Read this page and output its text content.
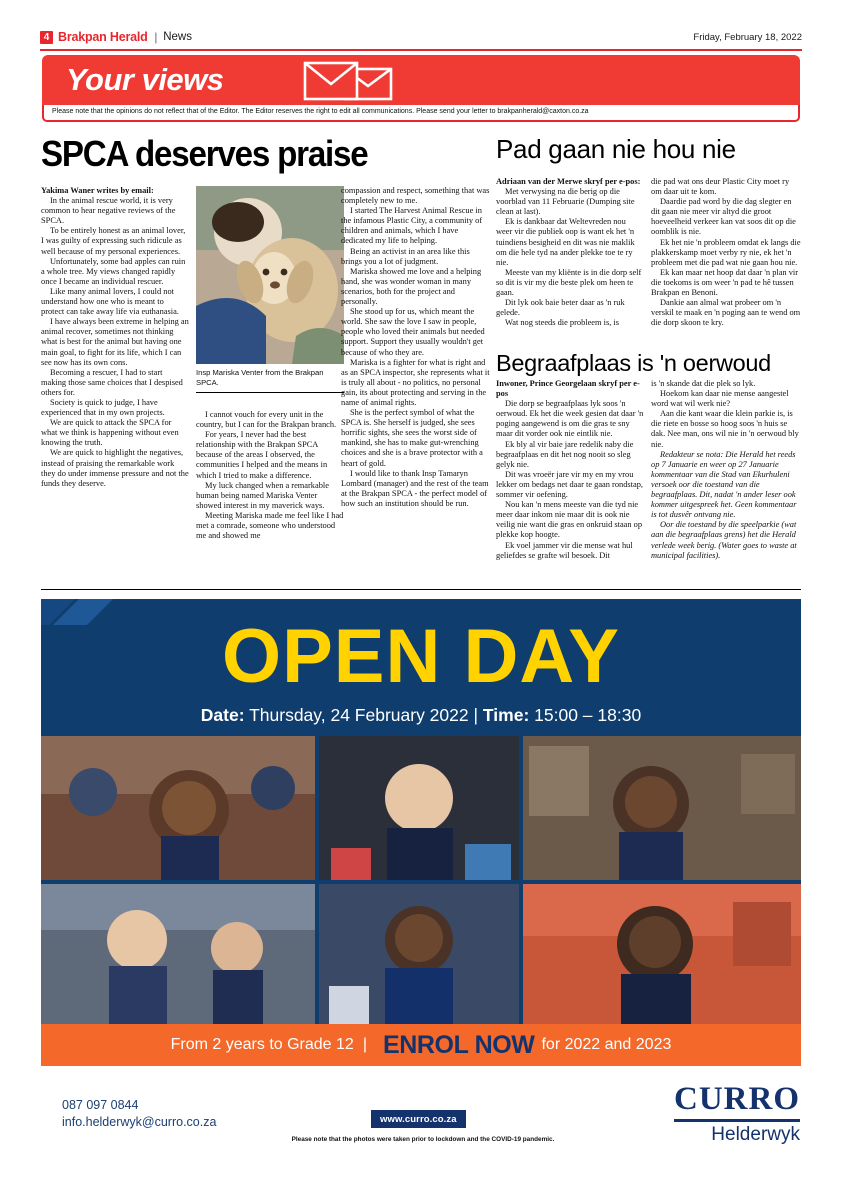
4 Brakpan Herald | News	Friday, February 18, 2022
Your views
Please note that the opinions do not reflect that of the Editor. The Editor reserves the right to edit all communications. Please send your letter to brakpanherald@caxton.co.za
SPCA deserves praise	Pad gaan nie hou nie
Begraafplaas is 'n oerwoud

Yakima Waner writes by email:

In the animal rescue world, it is very common to hear negative reviews of the SPCA.

To be entirely honest as an animal lover, I was guilty of expressing such ridicule as well because of my personal experiences.

Unfortunately, some bad apples can ruin a whole tree. My views changed rapidly once I became an individual rescuer.

Like many animal lovers, I could not understand how one who is meant to protect can take away life via euthanasia.

I have always been extreme in helping an animal recover, sometimes not thinking what is best for the animal but having one main goal, to fight for its life, which I can see now has its own cons.

Becoming a rescuer, I had to start making those same choices that I despised others for.

Society is quick to judge, I have experienced that in my own projects.

We are quick to attack the SPCA for what we think is happening without even knowing the truth.

We are quick to highlight the negatives, instead of praising the remarkable work they do under immense pressure and not the funds they deserve.

Insp Mariska Venter from the Brakpan SPCA.

I cannot vouch for every unit in the country, but I can for the Brakpan branch.

For years, I never had the best relationship with the Brakpan SPCA because of the areas I observed, the communities I helped and the means in which I tried to make a difference.

My luck changed when a remarkable human being named Mariska Venter showed interest in my maverick ways.

Meeting Mariska made me feel like I had met a comrade, someone who understood me and showed me

compassion and respect, something that was completely new to me.

I started The Harvest Animal Rescue in the infamous Plastic City, a community of children and animals, which I have dedicated my life to helping.

Being an activist in an area like this brings you a lot of judgment.

Mariska showed me love and a helping hand, she was wonder woman in many scenarios, both for the project and personally.

She stood up for us, which meant the world. She saw the love I saw in people, people who loved their animals but needed support. Support they usually wouldn't get because of who they are.

Mariska is a fighter for what is right and as an SPCA inspector, she represents what it is truly all about - no politics, no personal gain, its about protecting and serving in the name of animal rights.

She is the perfect symbol of what the SPCA is. She herself is judged, she sees horrific sights, she sees the worst side of mankind, she has to make gut-wrenching choices and she is a brave protector with a heart of gold.

I would like to thank Insp Tamaryn Lombard (manager) and the rest of the team at the Brakpan SPCA - the perfect model of how such an institution should be run.

Adriaan van der Merwe skryf per e-pos:

Met verwysing na die berig op die voorblad van 11 Februarie (Dumping site clean at last).

Ek is dankbaar dat Weltevreden nou weer vir die publiek oop is want ek het 'n tuindiens besigheid en dit was nie maklik om die hele tyd na ander plekke toe te ry nie.

Meeste van my kliënte is in die dorp self so dit is vir my die beste plek om heen te gaan.

Dit lyk ook baie beter daar as 'n ruk gelede.

Wat nog steeds die probleem is, is

die pad wat ons deur Plastic City moet ry om daar uit te kom.

Daardie pad word by die dag slegter en dit gaan nie meer vir altyd die groot hoeveelheid verkeer kan vat soos dit op die oomblik is nie.

Ek het nie 'n probleem omdat ek langs die plakkerskamp moet verby ry nie, ek het 'n probleem met die pad wat nie gaan hou nie.

Ek kan maar net hoop dat daar 'n plan vir die toekoms is om weer 'n pad te hê tussen Brakpan en Benoni.

Dankie aan almal wat probeer om 'n verskil te maak en 'n poging aan te wend om die dorp skoon te kry.

Inwoner, Prince Georgelaan skryf per e-pos

Die dorp se begraafplaas lyk soos 'n oerwoud. Ek het die week gesien dat daar 'n poging aangewend is om die gras te sny maar dit vorder ook nie eintlik nie.

Ek bly al vir baie jare redelik naby die begraafplaas en dit het nog nooit so sleg gelyk nie.

Dit was vroeër jare vir my en my vrou lekker om bedags net daar te gaan rondstap, sommer vir oefening.

Nou kan 'n mens meeste van die tyd nie meer daar inkom nie maar dit is ook nie veilig nie want die gras en onkruid staan op plekke kop hoogte.

Ek voel jammer vir die mense wat hul geliefdes se grafte wil besoek. Dit

is 'n skande dat die plek so lyk.

Hoekom kan daar nie mense aangestel word wat wil werk nie?

Aan die kant waar die klein parkie is, is die riete en bosse so hoog soos 'n huis se dak. Nee man, ons wil nie in 'n oerwoud bly nie.

Redakteur se nota: Die Herald het reeds op 7 Januarie en weer op 27 Januarie kommentaar van die Stad van Ekurhuleni versoek oor die toestand van die begraafplaas. Dit, nadat 'n ander leser ook kommer uitgespreek het. Geen kommentaar is tot dusvêr ontvang nie.

Oor die toestand by die speelparkie (wat aan die begraafplaas grens) het die Herald verlede week berig. (Water goes to waste at municipal facilities).

OPEN DAY
Date: Thursday, 24 February 2022 | Time: 15:00 – 18:30
From 2 years to Grade 12 | ENROL NOW for 2022 and 2023
087 097 0844
info.helderwyk@curro.co.za	www.curro.co.za
Please note that the photos were taken prior to lockdown and the COVID-19 pandemic.
CURRO
Helderwyk
